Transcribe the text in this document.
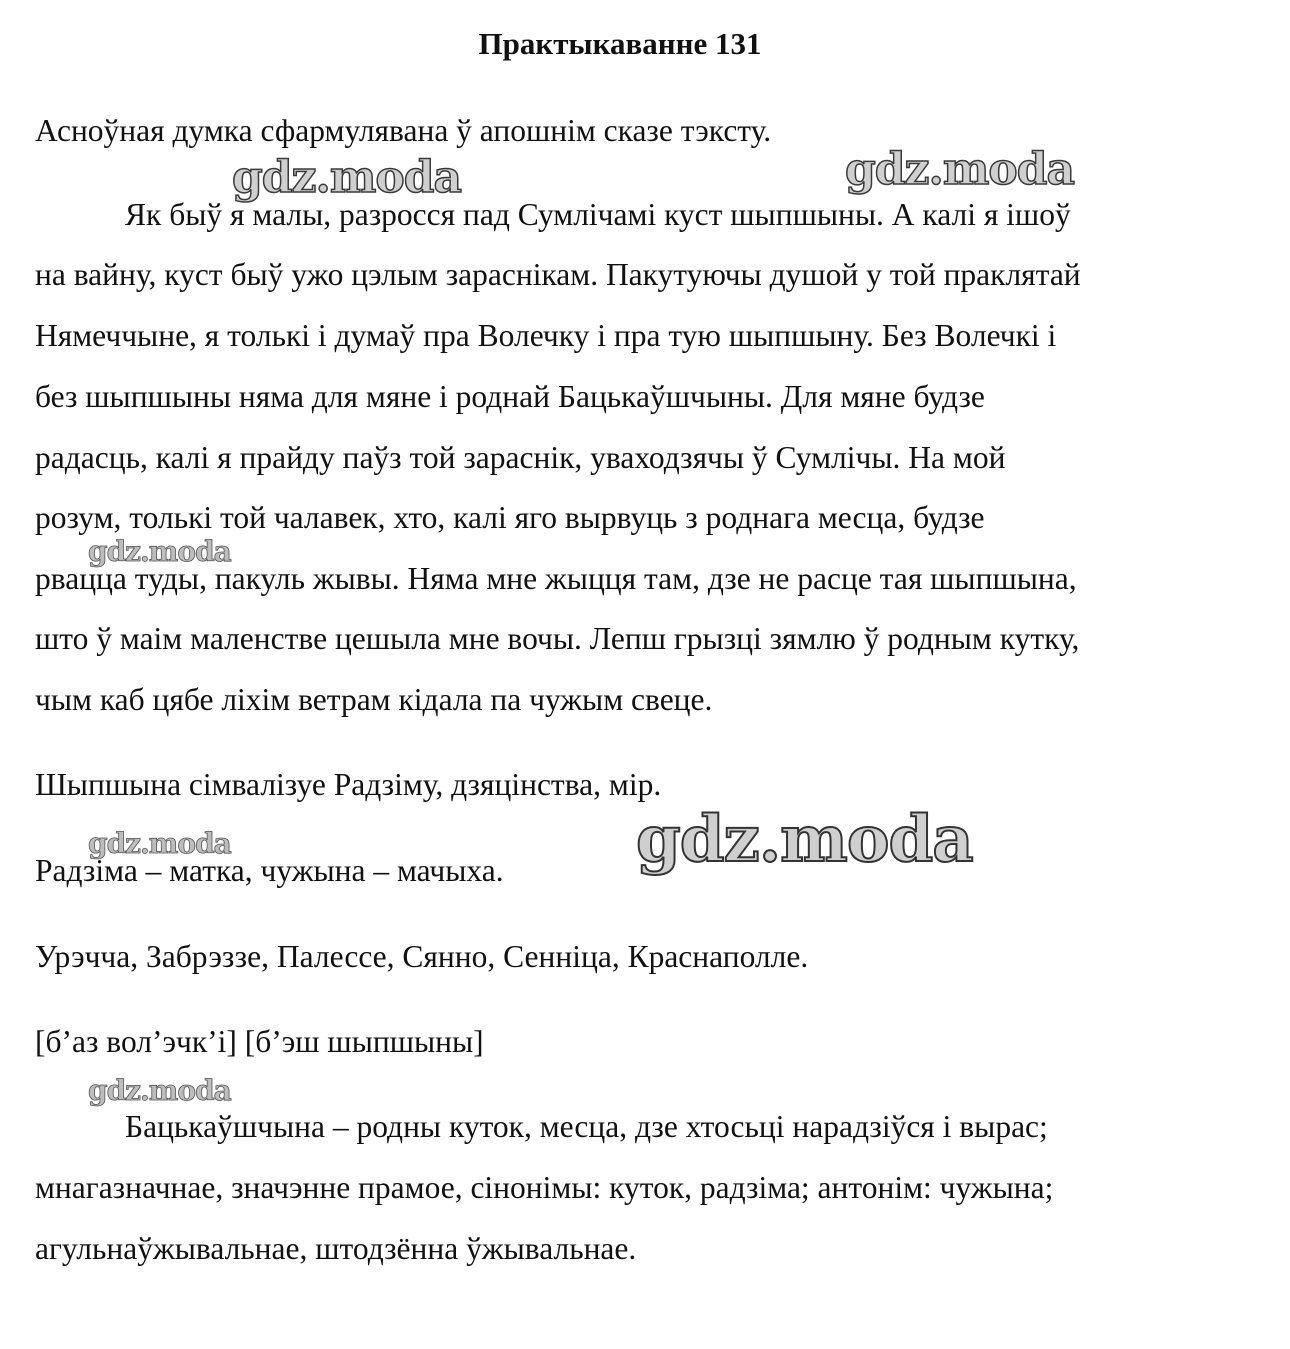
Практыкаванне 131
Асноўная думка сфармулявана ў апошнім сказе тэксту.
Як быў я малы, разроcся пад Сумлічамі куст шыпшыны. А калі я ішоў
на вайну, куст быў ужо цэлым зараснікам. Пакутуючы душой у той праклятай
Нямеччыне, я толькі і думаў пра Волечку і пра тую шыпшыну. Без Волечкі і
без шыпшыны няма для мяне і роднай Бацькаўшчыны. Для мяне будзе
радасць, калі я прайду паўз той зараснік, уваходзячы ў Сумлічы. На мой
розум, толькі той чалавек, хто, калі яго вырвуць з роднага месца, будзе
рваццa туды, пакуль жывы. Няма мне жыцця там, дзе не расце тая шыпшына,
што ў маім маленстве цешыла мне вочы. Лепш грызці зямлю ў родным кутку,
чым каб цябе ліхім ветрам кідала па чужым свеце.
Шыпшына сімвалізуе Радзіму, дзяцінства, мір.
Радзіма – матка, чужына – мачыха.
Урэчча, Забрэззе, Палессе, Сянно, Сенніца, Краснаполле.
[б’аз вол’эчк’і] [б’эш шыпшыны]
Бацькаўшчына – родны куток, месца, дзе хтосьці нарадзіўся і вырас;
мнагазначнае, значэнне прамое, сінонімы: куток, радзіма; антонім: чужына;
агульнаўжывальнае, штодзённа ўжывальнае.
gdz.moda	gdz.moda
gdz.moda
gdz.moda	gdz.moda
gdz.moda
